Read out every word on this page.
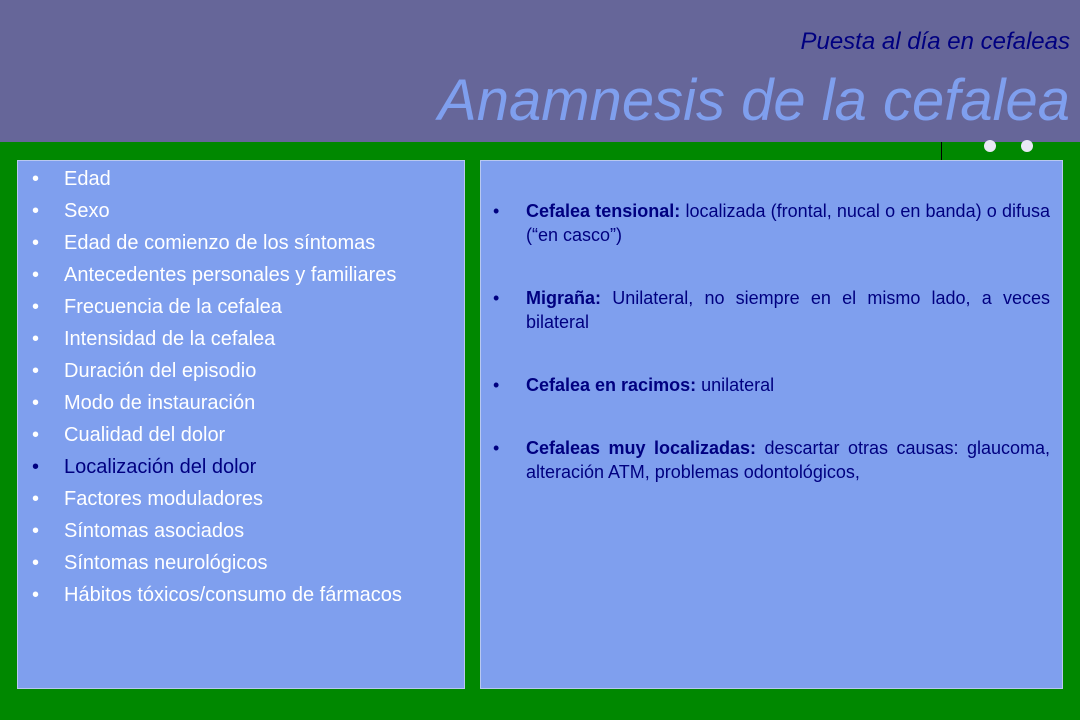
Puesta al día en cefaleas
Anamnesis de la cefalea
• Edad
• Sexo
• Edad de comienzo de los síntomas
• Antecedentes personales y familiares
• Frecuencia de la cefalea
• Intensidad de la cefalea
• Duración del episodio
• Modo de instauración
• Cualidad del dolor
• Localización del dolor
• Factores moduladores
• Síntomas asociados
• Síntomas neurológicos
• Hábitos tóxicos/consumo de fármacos
• Cefalea tensional: localizada (frontal, nucal o en banda) o difusa (“en casco”)
• Migraña: Unilateral, no siempre en el mismo lado, a veces bilateral
• Cefalea en racimos: unilateral
• Cefaleas muy localizadas: descartar otras causas: glaucoma, alteración ATM, problemas odontológicos,
